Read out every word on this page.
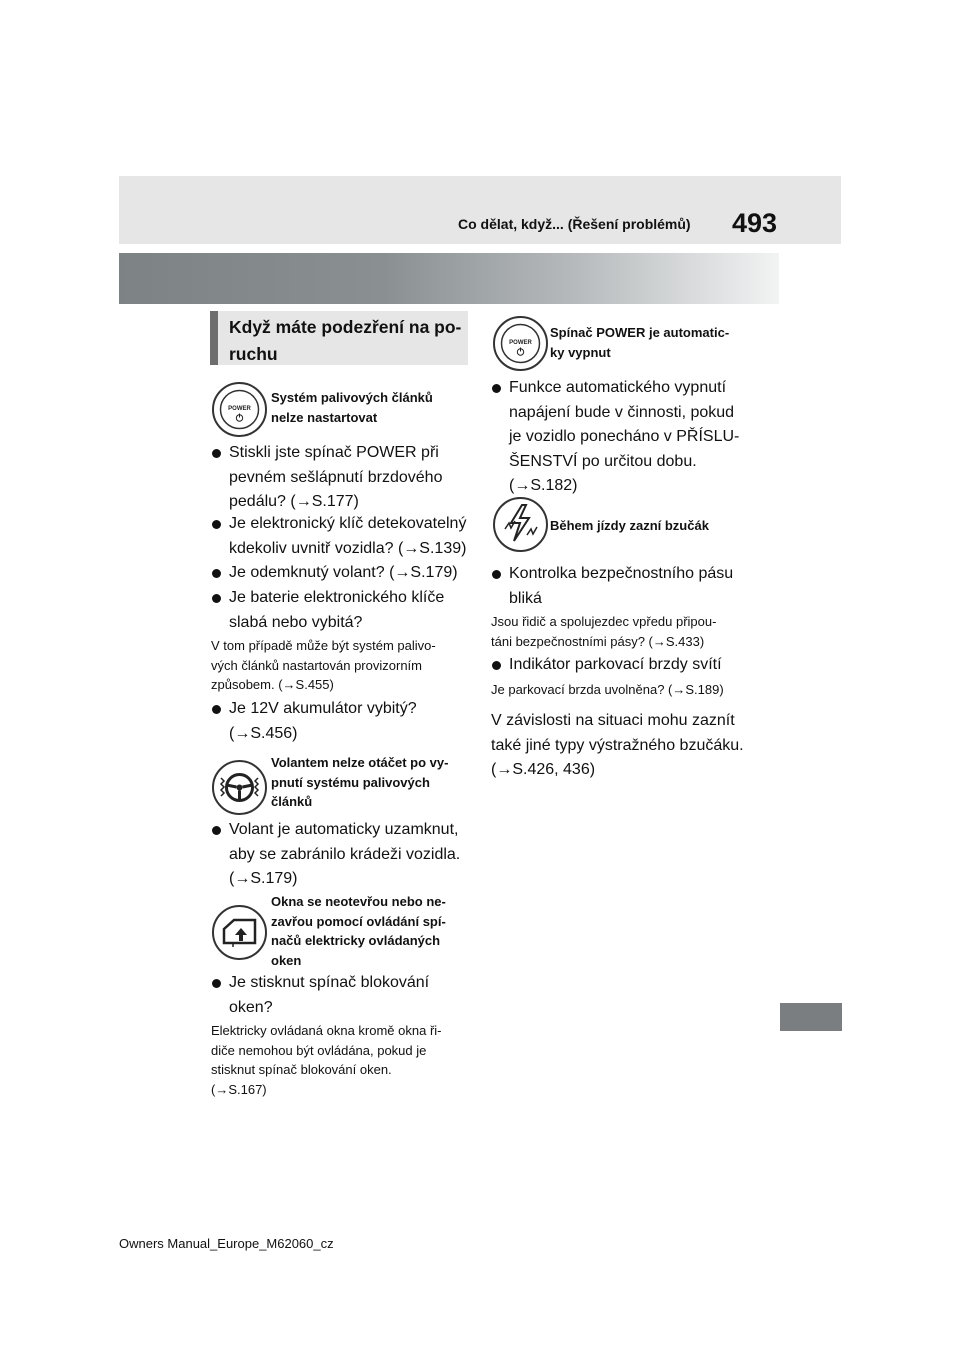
Co dělat, když... (Řešení problémů) 493
Když máte podezření na po-
ruchu
POWER
Systém palivových článků
nelze nastartovat
Stiskli jste spínač POWER při
pevném sešlápnutí brzdového
pedálu? (→S.177)
Je elektronický klíč detekovatelný
kdekoliv uvnitř vozidla? (→S.139)
Je odemknutý volant? (→S.179)
Je baterie elektronického klíče
slabá nebo vybitá?
V tom případě může být systém palivo-
vých článků nastartován provizorním
způsobem. (→S.455)
Je 12V akumulátor vybitý?
(→S.456)
Volantem nelze otáčet po vy-
pnutí systému palivových
článků
Volant je automaticky uzamknut,
aby se zabránilo krádeži vozidla.
(→S.179)
Okna se neotevřou nebo ne-
zavřou pomocí ovládání spí-
načů elektricky ovládaných
oken
Je stisknut spínač blokování
oken?
Elektricky ovládaná okna kromě okna ři-
diče nemohou být ovládána, pokud je
stisknut spínač blokování oken.
(→S.167)
POWER
Spínač POWER je automatic-
ky vypnut
Funkce automatického vypnutí
napájení bude v činnosti, pokud
je vozidlo ponecháno v PŘÍSLU-
ŠENSTVÍ po určitou dobu.
(→S.182)
Během jízdy zazní bzučák
Kontrolka bezpečnostního pásu
bliká
Jsou řidič a spolujezdec vpředu připou-
táni bezpečnostními pásy? (→S.433)
Indikátor parkovací brzdy svítí
Je parkovací brzda uvolněna? (→S.189)
V závislosti na situaci mohu zaznít
také jiné typy výstražného bzučáku.
(→S.426, 436)
Owners Manual_Europe_M62060_cz
